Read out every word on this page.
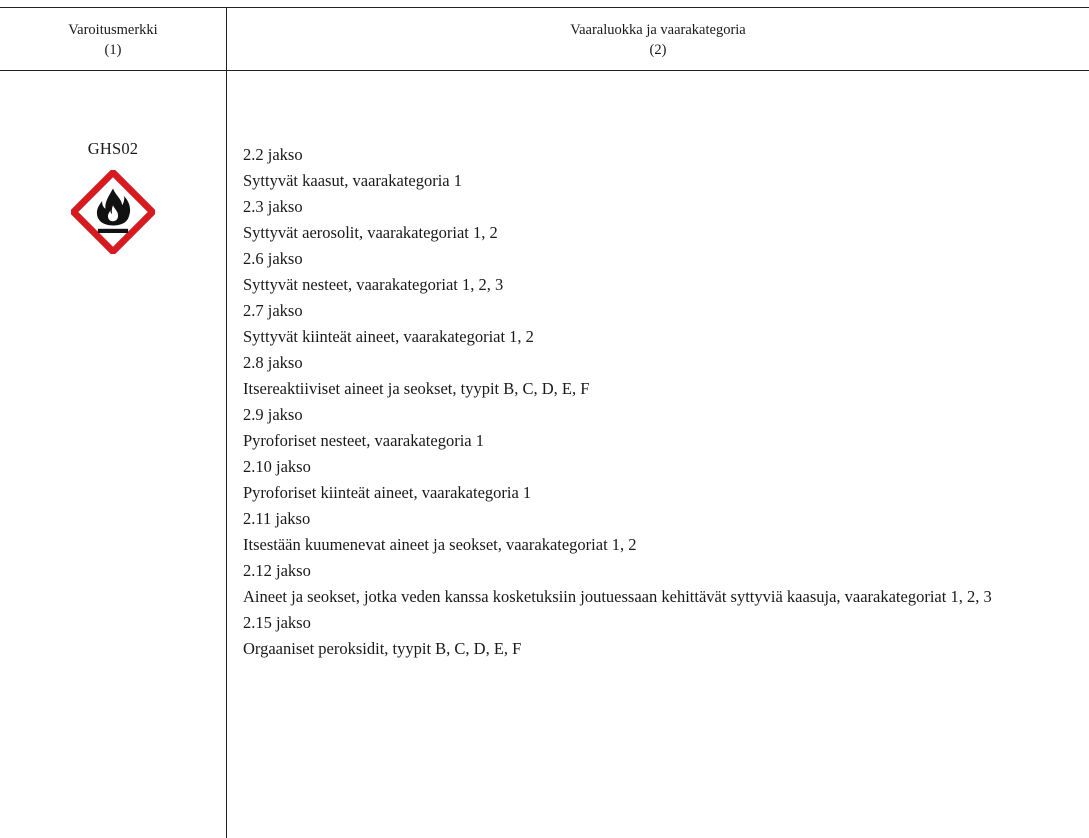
Varoitusmerkki
(1)
Vaaraluokka ja vaarakategoria
(2)
GHS02	2.2 jakso
Syttyvät kaasut, vaarakategoria 1
2.3 jakso
Syttyvät aerosolit, vaarakategoriat 1, 2
2.6 jakso
Syttyvät nesteet, vaarakategoriat 1, 2, 3
2.7 jakso
Syttyvät kiinteät aineet, vaarakategoriat 1, 2
2.8 jakso
Itsereaktiiviset aineet ja seokset, tyypit B, C, D, E, F
2.9 jakso
Pyroforiset nesteet, vaarakategoria 1
2.10 jakso
Pyroforiset kiinteät aineet, vaarakategoria 1
2.11 jakso
Itsestään kuumenevat aineet ja seokset, vaarakategoriat 1, 2
2.12 jakso
Aineet ja seokset, jotka veden kanssa kosketuksiin joutuessaan kehittävät syttyviä kaasuja, vaarakategoriat 1, 2, 3
2.15 jakso
Orgaaniset peroksidit, tyypit B, C, D, E, F
